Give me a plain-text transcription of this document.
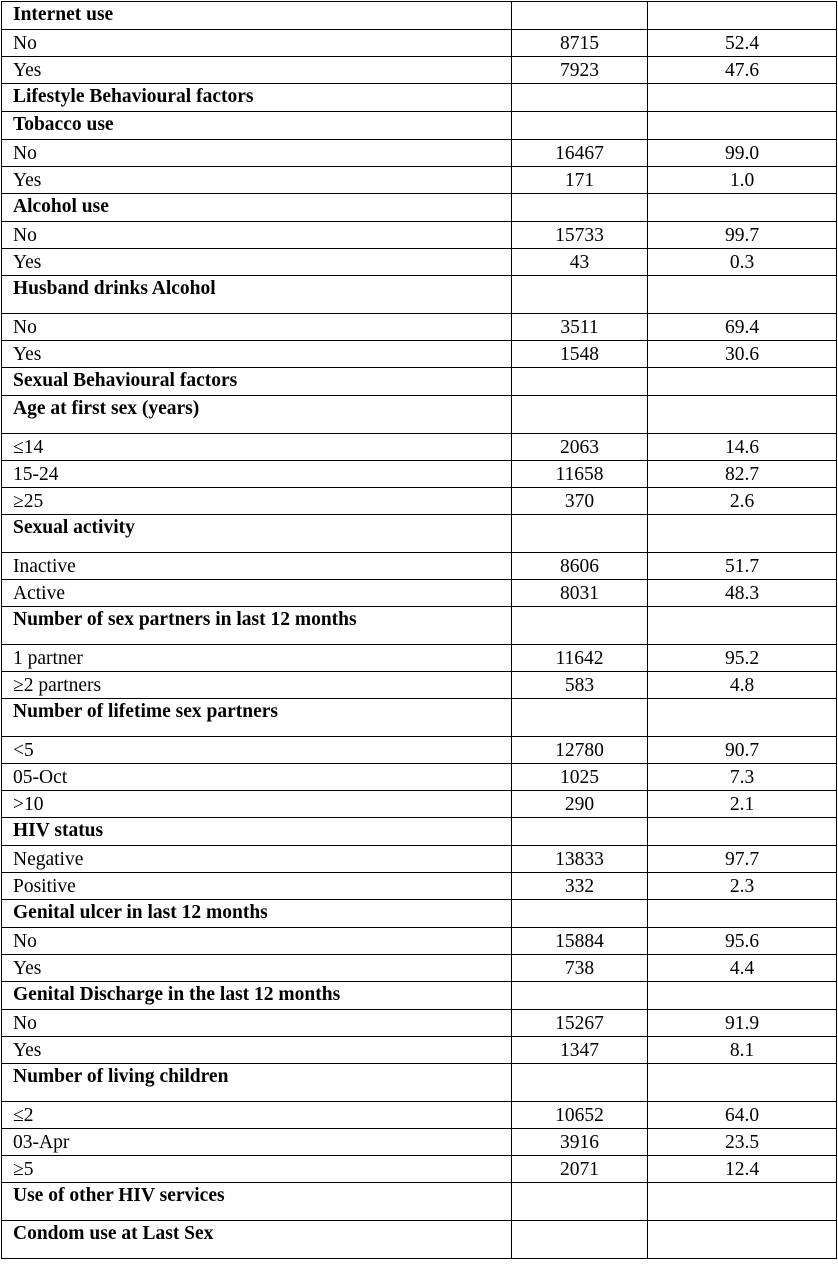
Internet use		
No	8715	52.4
Yes	7923	47.6
Lifestyle Behavioural factors		
Tobacco use		
No	16467	99.0
Yes	171	1.0
Alcohol use		
No	15733	99.7
Yes	43	0.3
Husband drinks Alcohol		
No	3511	69.4
Yes	1548	30.6
Sexual Behavioural factors		
Age at first sex (years)		
≤14	2063	14.6
15-24	11658	82.7
≥25	370	2.6
Sexual activity		
Inactive	8606	51.7
Active	8031	48.3
Number of sex partners in last 12 months		
1 partner	11642	95.2
≥2 partners	583	4.8
Number of lifetime sex partners		
<5	12780	90.7
05-Oct	1025	7.3
>10	290	2.1
HIV status		
Negative	13833	97.7
Positive	332	2.3
Genital ulcer in last 12 months		
No	15884	95.6
Yes	738	4.4
Genital Discharge in the last 12 months		
No	15267	91.9
Yes	1347	8.1
Number of living children		
≤2	10652	64.0
03-Apr	3916	23.5
≥5	2071	12.4
Use of other HIV services		
Condom use at Last Sex		
